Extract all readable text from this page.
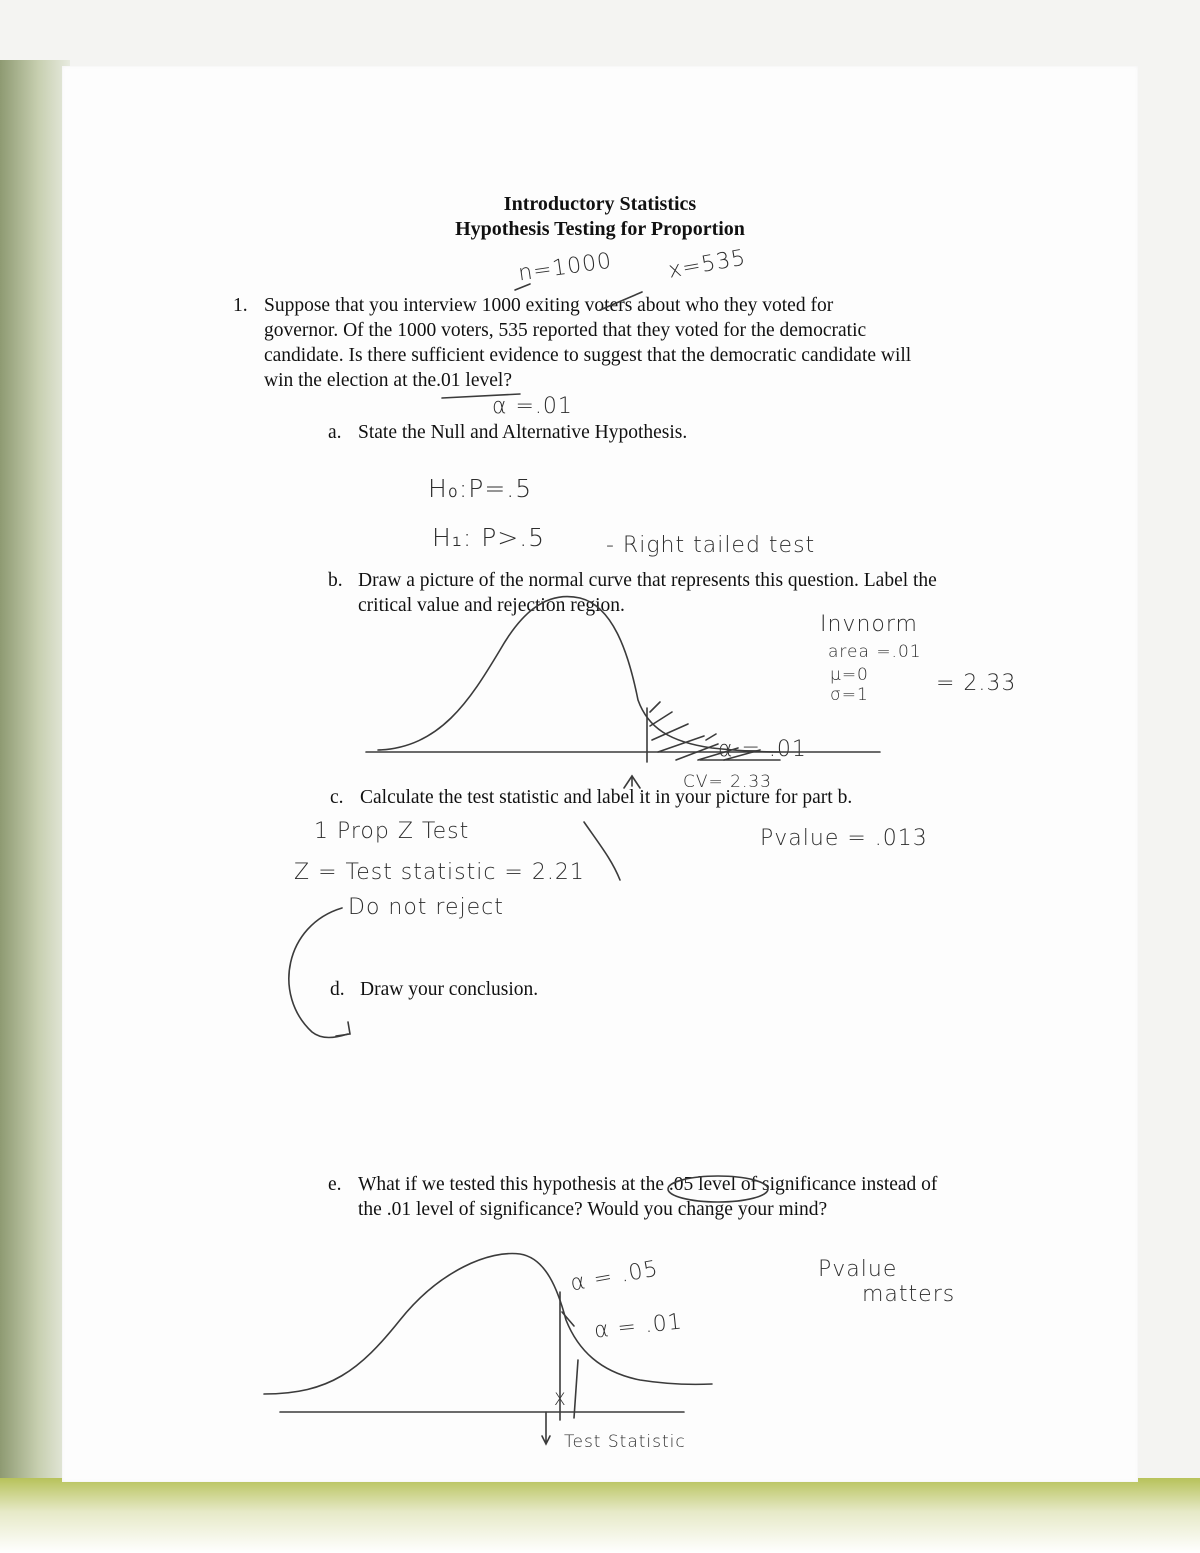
Introductory Statistics
Hypothesis Testing for Proportion
1. Suppose that you interview 1000 exiting voters about who they voted for
governor. Of the 1000 voters, 535 reported that they voted for the democratic
candidate. Is there sufficient evidence to suggest that the democratic candidate will
win the election at the.01 level?
a. State the Null and Alternative Hypothesis.
b. Draw a picture of the normal curve that represents this question. Label the
critical value and rejection region.
c. Calculate the test statistic and label it in your picture for part b.
d. Draw your conclusion.
e. What if we tested this hypothesis at the .05 level of significance instead of
the .01 level of significance? Would you change your mind?
n=1000 x=535
α =.01
H₀:P=.5
H₁: P>.5	- Right tailed test
Invnorm
area =.01
μ=0
σ=1	= 2.33
α = .01
CV= 2.33
1 Prop Z Test	Pvalue = .013
Z = Test statistic = 2.21
Do not reject
α = .05
α = .01
X
Test Statistic
Pvalue
matters
